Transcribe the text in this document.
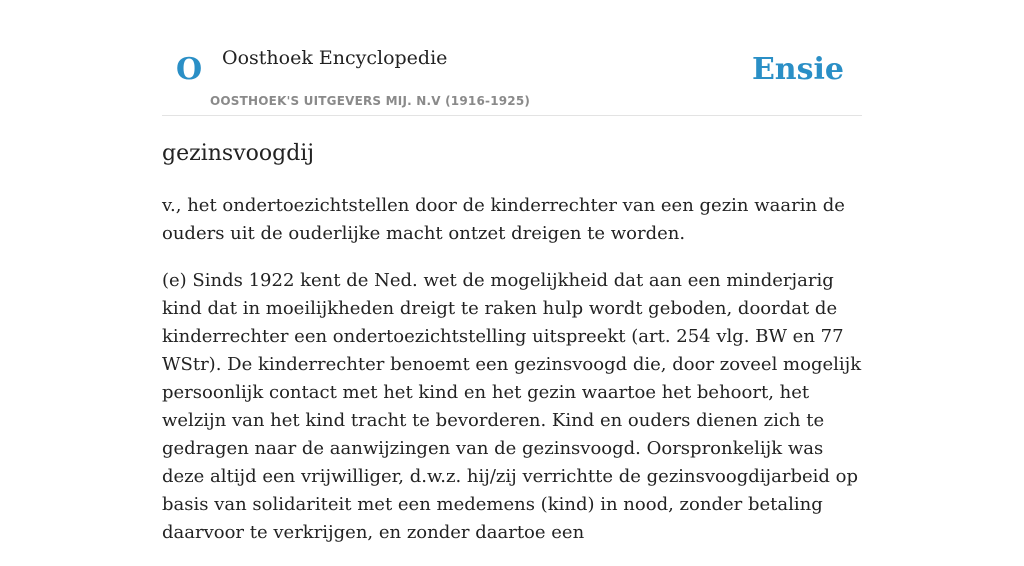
O Oosthoek Encyclopedie
OOSTHOEK'S UITGEVERS MIJ. N.V (1916-1925)
Ensie
gezinsvoogdij

v., het ondertoezichtstellen door de kinderrechter van een gezin waarin de ouders uit de ouderlijke macht ontzet dreigen te worden.

(e) Sinds 1922 kent de Ned. wet de mogelijkheid dat aan een minderjarig kind dat in moeilijkheden dreigt te raken hulp wordt geboden, doordat de kinderrechter een ondertoezichtstelling uitspreekt (art. 254 vlg. BW en 77 WStr). De kinderrechter benoemt een gezinsvoogd die, door zoveel mogelijk persoonlijk contact met het kind en het gezin waartoe het behoort, het welzijn van het kind tracht te bevorderen. Kind en ouders dienen zich te gedragen naar de aanwijzingen van de gezinsvoogd. Oorspronkelijk was deze altijd een vrijwilliger, d.w.z. hij/zij verrichtte de gezinsvoogdijarbeid op basis van solidariteit met een medemens (kind) in nood, zonder betaling daarvoor te verkrijgen, en zonder daartoe een
